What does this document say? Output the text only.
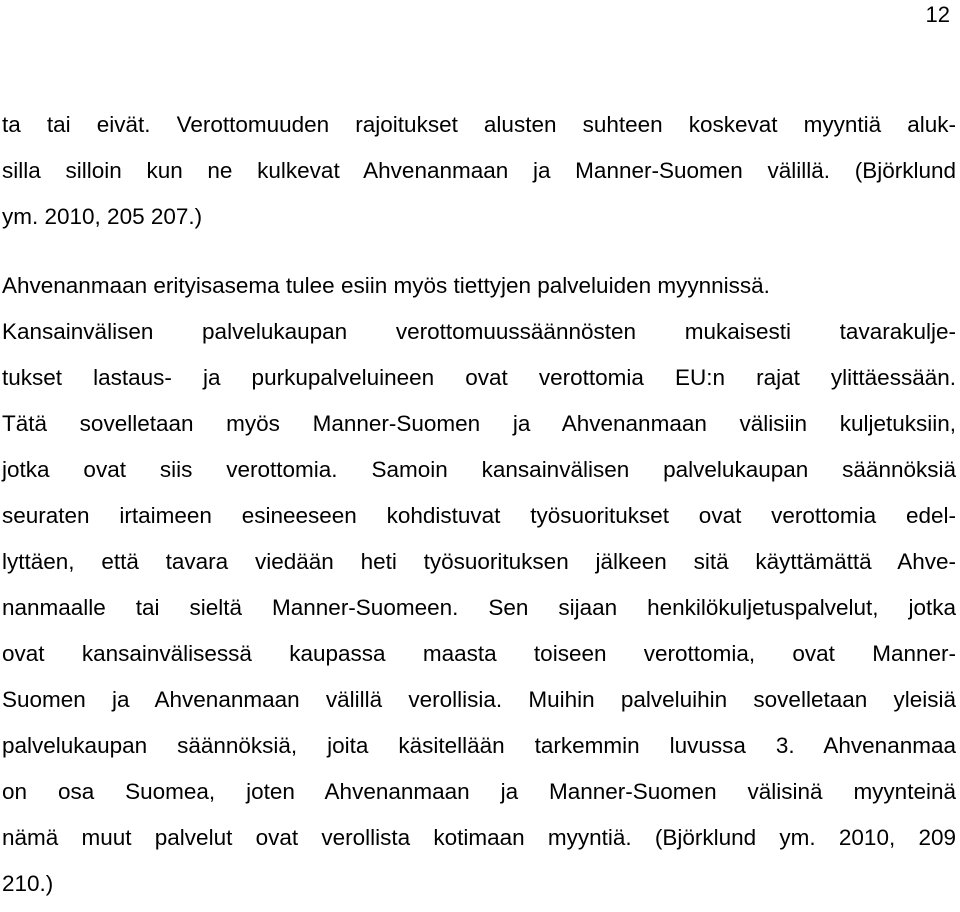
12
ta tai eivät. Verottomuuden rajoitukset alusten suhteen koskevat myyntiä aluk-
silla silloin kun ne kulkevat Ahvenanmaan ja Manner-Suomen välillä. (Björklund
ym. 2010, 205 207.)
Ahvenanmaan erityisasema tulee esiin myös tiettyjen palveluiden myynnissä.
Kansainvälisen palvelukaupan verottomuussäännösten mukaisesti tavarakulje-
tukset lastaus- ja purkupalveluineen ovat verottomia EU:n rajat ylittäessään.
Tätä sovelletaan myös Manner-Suomen ja Ahvenanmaan välisiin kuljetuksiin,
jotka ovat siis verottomia. Samoin kansainvälisen palvelukaupan säännöksiä
seuraten irtaimeen esineeseen kohdistuvat työsuoritukset ovat verottomia edel-
lyttäen, että tavara viedään heti työsuorituksen jälkeen sitä käyttämättä Ahve-
nanmaalle tai sieltä Manner-Suomeen. Sen sijaan henkilökuljetuspalvelut, jotka
ovat kansainvälisessä kaupassa maasta toiseen verottomia, ovat Manner-
Suomen ja Ahvenanmaan välillä verollisia. Muihin palveluihin sovelletaan yleisiä
palvelukaupan säännöksiä, joita käsitellään tarkemmin luvussa 3. Ahvenanmaa
on osa Suomea, joten Ahvenanmaan ja Manner-Suomen välisinä myynteinä
nämä muut palvelut ovat verollista kotimaan myyntiä. (Björklund ym. 2010, 209
210.)
